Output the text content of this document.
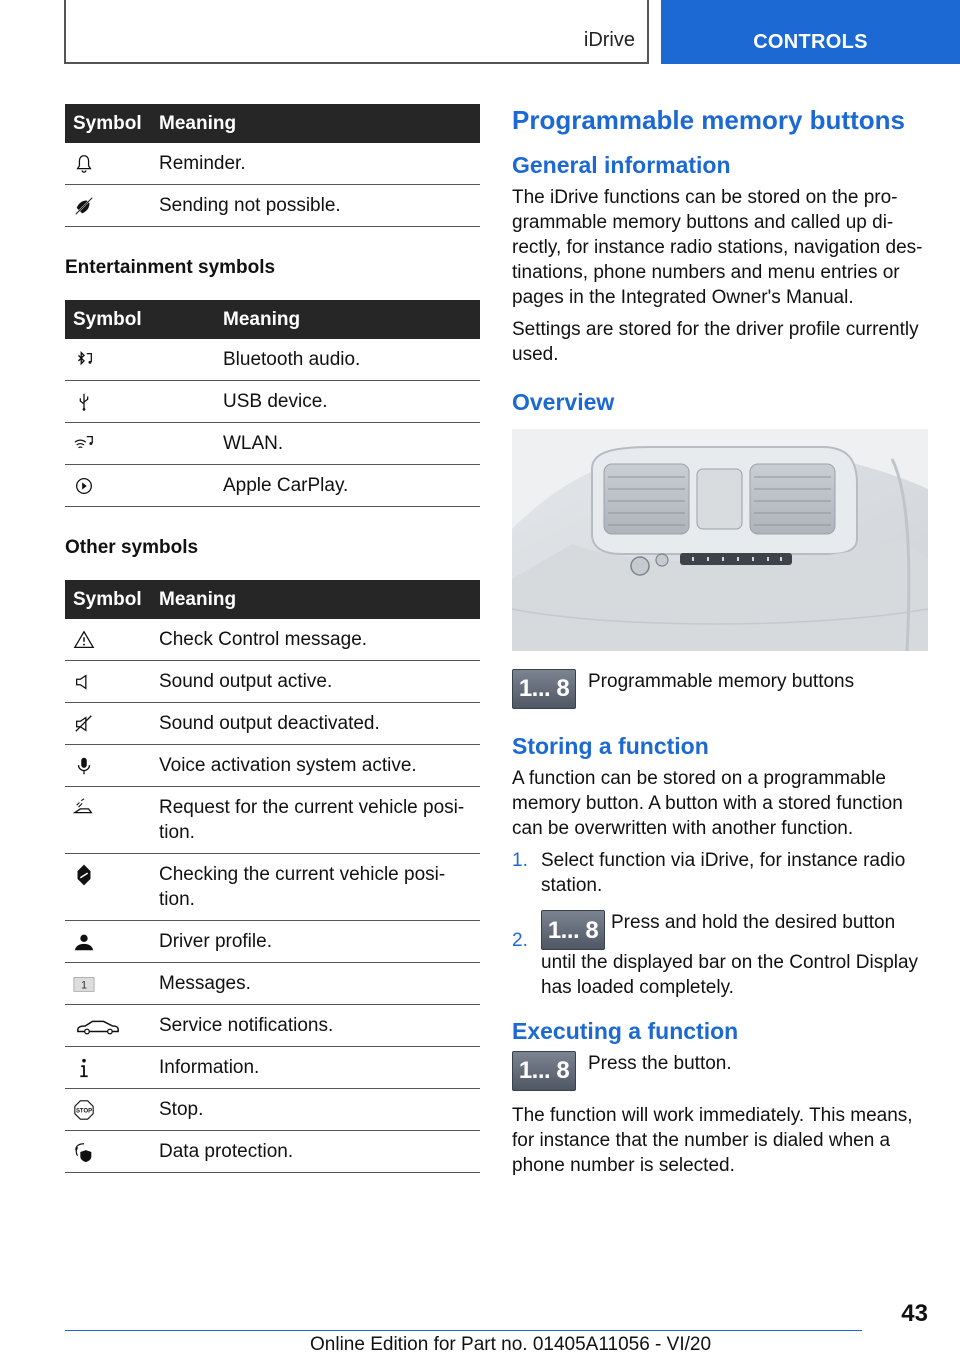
iDrive	CONTROLS
Symbol	Meaning

	Reminder.

	Sending not possible.
Entertainment symbols
Symbol	Meaning

	Bluetooth audio.

	USB device.

	WLAN.

	Apple CarPlay.
Other symbols
Symbol	Meaning

	Check Control message.

	Sound output active.

	Sound output deactivated.

	Voice activation system active.

	Request for the current vehicle posi-tion.

	Checking the current vehicle posi-tion.

	Driver profile.

1	Messages.

	Service notifications.

	Information.

STOP	Stop.

	Data protection.
Programmable memory buttons
General information

The iDrive functions can be stored on the pro-grammable memory buttons and called up di-rectly, for instance radio stations, navigation des-tinations, phone numbers and menu entries or pages in the Integrated Owner's Manual.

Settings are stored for the driver profile currently used.

Overview
1... 8 Programmable memory buttons
Storing a function

A function can be stored on a programmable memory button. A button with a stored function can be overwritten with another function.

1. Select function via iDrive, for instance radio station.
2. 1... 8 Press and hold the desired button until the displayed bar on the Control Display has loaded completely.
Executing a function
1... 8 Press the button.

The function will work immediately. This means, for instance that the number is dialed when a phone number is selected.

43
Online Edition for Part no. 01405A11056 - VI/20
